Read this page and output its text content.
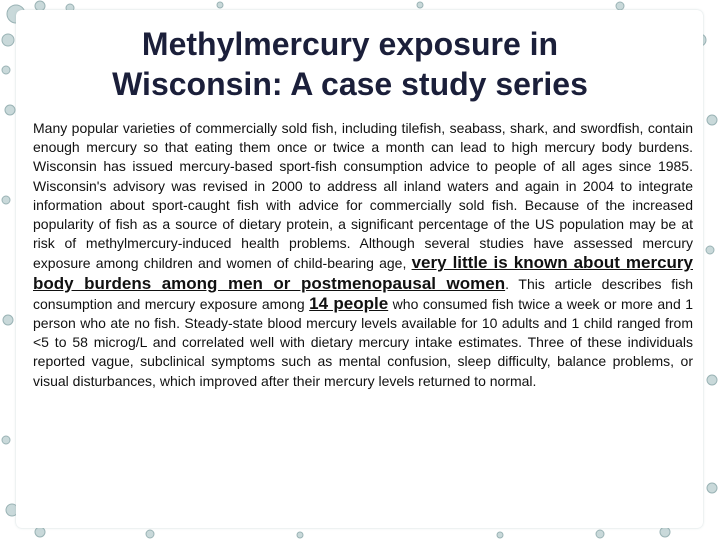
Methylmercury exposure in
Wisconsin: A case study series

Many popular varieties of commercially sold fish, including tilefish, seabass, shark, and swordfish, contain enough mercury so that eating them once or twice a month can lead to high mercury body burdens. Wisconsin has issued mercury-based sport-fish consumption advice to people of all ages since 1985. Wisconsin's advisory was revised in 2000 to address all inland waters and again in 2004 to integrate information about sport-caught fish with advice for commercially sold fish. Because of the increased popularity of fish as a source of dietary protein, a significant percentage of the US population may be at risk of methylmercury-induced health problems. Although several studies have assessed mercury exposure among children and women of child-bearing age, very little is known about mercury body burdens among men or postmenopausal women. This article describes fish consumption and mercury exposure among 14 people who consumed fish twice a week or more and 1 person who ate no fish. Steady-state blood mercury levels available for 10 adults and 1 child ranged from <5 to 58 microg/L and correlated well with dietary mercury intake estimates. Three of these individuals reported vague, subclinical symptoms such as mental confusion, sleep difficulty, balance problems, or visual disturbances, which improved after their mercury levels returned to normal.
